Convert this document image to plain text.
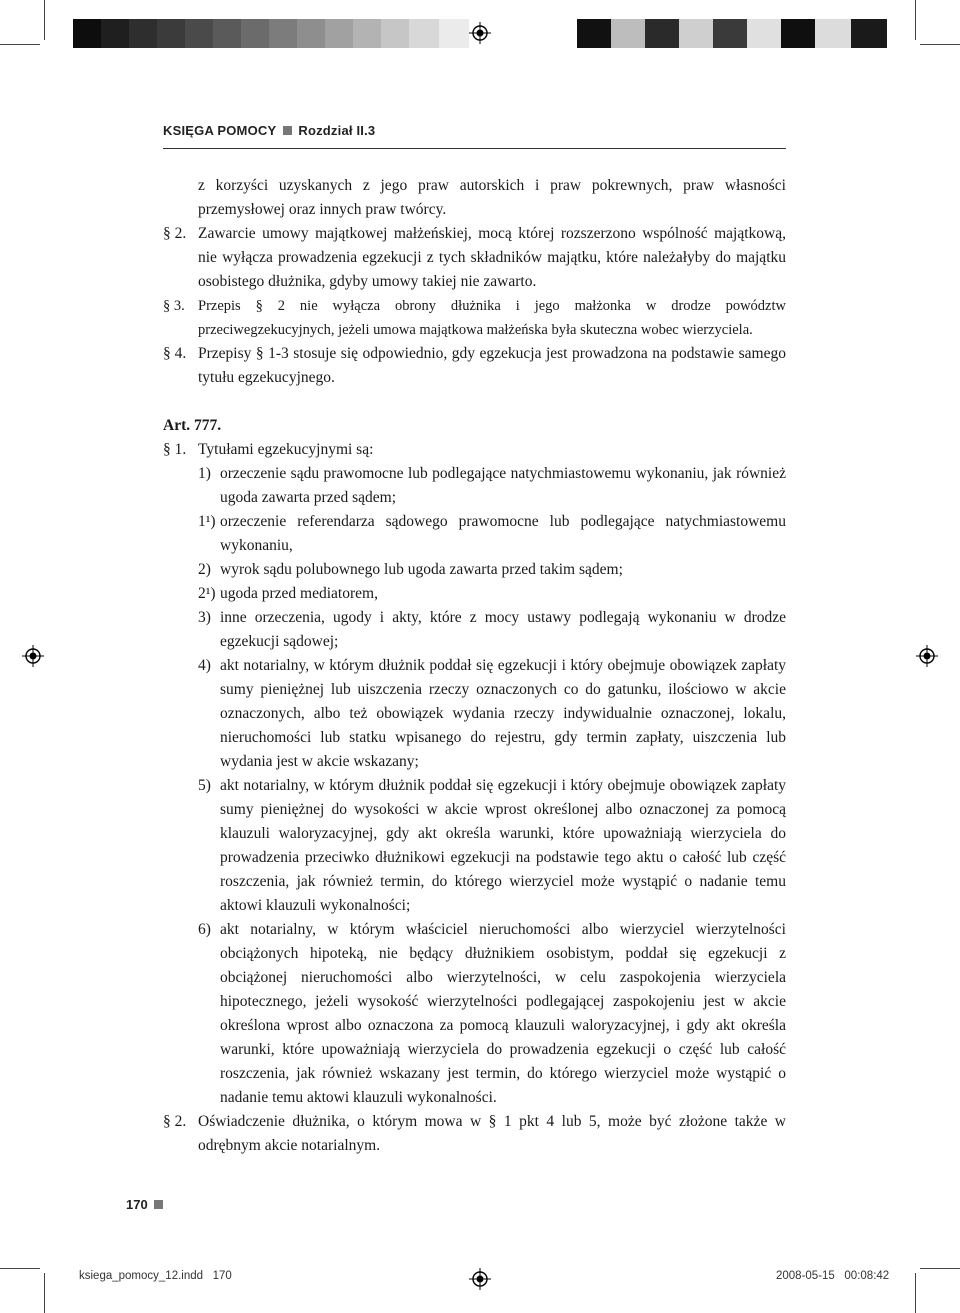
KSIĘGA POMOCY Rozdział II.3
z korzyści uzyskanych z jego praw autorskich i praw pokrewnych, praw własności przemysłowej oraz innych praw twórcy.
§ 2. Zawarcie umowy majątkowej małżeńskiej, mocą której rozszerzono wspólność majątkową, nie wyłącza prowadzenia egzekucji z tych składników majątku, które należałyby do majątku osobistego dłużnika, gdyby umowy takiej nie zawarto.
§ 3. Przepis § 2 nie wyłącza obrony dłużnika i jego małżonka w drodze powództw przeciwegzekucyjnych, jeżeli umowa majątkowa małżeńska była skuteczna wobec wierzyciela.
§ 4. Przepisy § 1-3 stosuje się odpowiednio, gdy egzekucja jest prowadzona na podstawie samego tytułu egzekucyjnego.
Art. 777.
§ 1. Tytułami egzekucyjnymi są:
1) orzeczenie sądu prawomocne lub podlegające natychmiastowemu wykonaniu, jak również ugoda zawarta przed sądem;
1¹) orzeczenie referendarza sądowego prawomocne lub podlegające natychmiastowemu wykonaniu,
2) wyrok sądu polubownego lub ugoda zawarta przed takim sądem;
2¹) ugoda przed mediatorem,
3) inne orzeczenia, ugody i akty, które z mocy ustawy podlegają wykonaniu w drodze egzekucji sądowej;
4) akt notarialny, w którym dłużnik poddał się egzekucji i który obejmuje obowiązek zapłaty sumy pieniężnej lub uiszczenia rzeczy oznaczonych co do gatunku, ilościowo w akcie oznaczonych, albo też obowiązek wydania rzeczy indywidualnie oznaczonej, lokalu, nieruchomości lub statku wpisanego do rejestru, gdy termin zapłaty, uiszczenia lub wydania jest w akcie wskazany;
5) akt notarialny, w którym dłużnik poddał się egzekucji i który obejmuje obowiązek zapłaty sumy pieniężnej do wysokości w akcie wprost określonej albo oznaczonej za pomocą klauzuli waloryzacyjnej, gdy akt określa warunki, które upoważniają wierzyciela do prowadzenia przeciwko dłużnikowi egzekucji na podstawie tego aktu o całość lub część roszczenia, jak również termin, do którego wierzyciel może wystąpić o nadanie temu aktowi klauzuli wykonalności;
6) akt notarialny, w którym właściciel nieruchomości albo wierzyciel wierzytelności obciążonych hipoteką, nie będący dłużnikiem osobistym, poddał się egzekucji z obciążonej nieruchomości albo wierzytelności, w celu zaspokojenia wierzyciela hipotecznego, jeżeli wysokość wierzytelności podlegającej zaspokojeniu jest w akcie określona wprost albo oznaczona za pomocą klauzuli waloryzacyjnej, i gdy akt określa warunki, które upoważniają wierzyciela do prowadzenia egzekucji o część lub całość roszczenia, jak również wskazany jest termin, do którego wierzyciel może wystąpić o nadanie temu aktowi klauzuli wykonalności.
§ 2. Oświadczenie dłużnika, o którym mowa w § 1 pkt 4 lub 5, może być złożone także w odrębnym akcie notarialnym.
170
ksiega_pomocy_12.indd   170	2008-05-15   00:08:42
